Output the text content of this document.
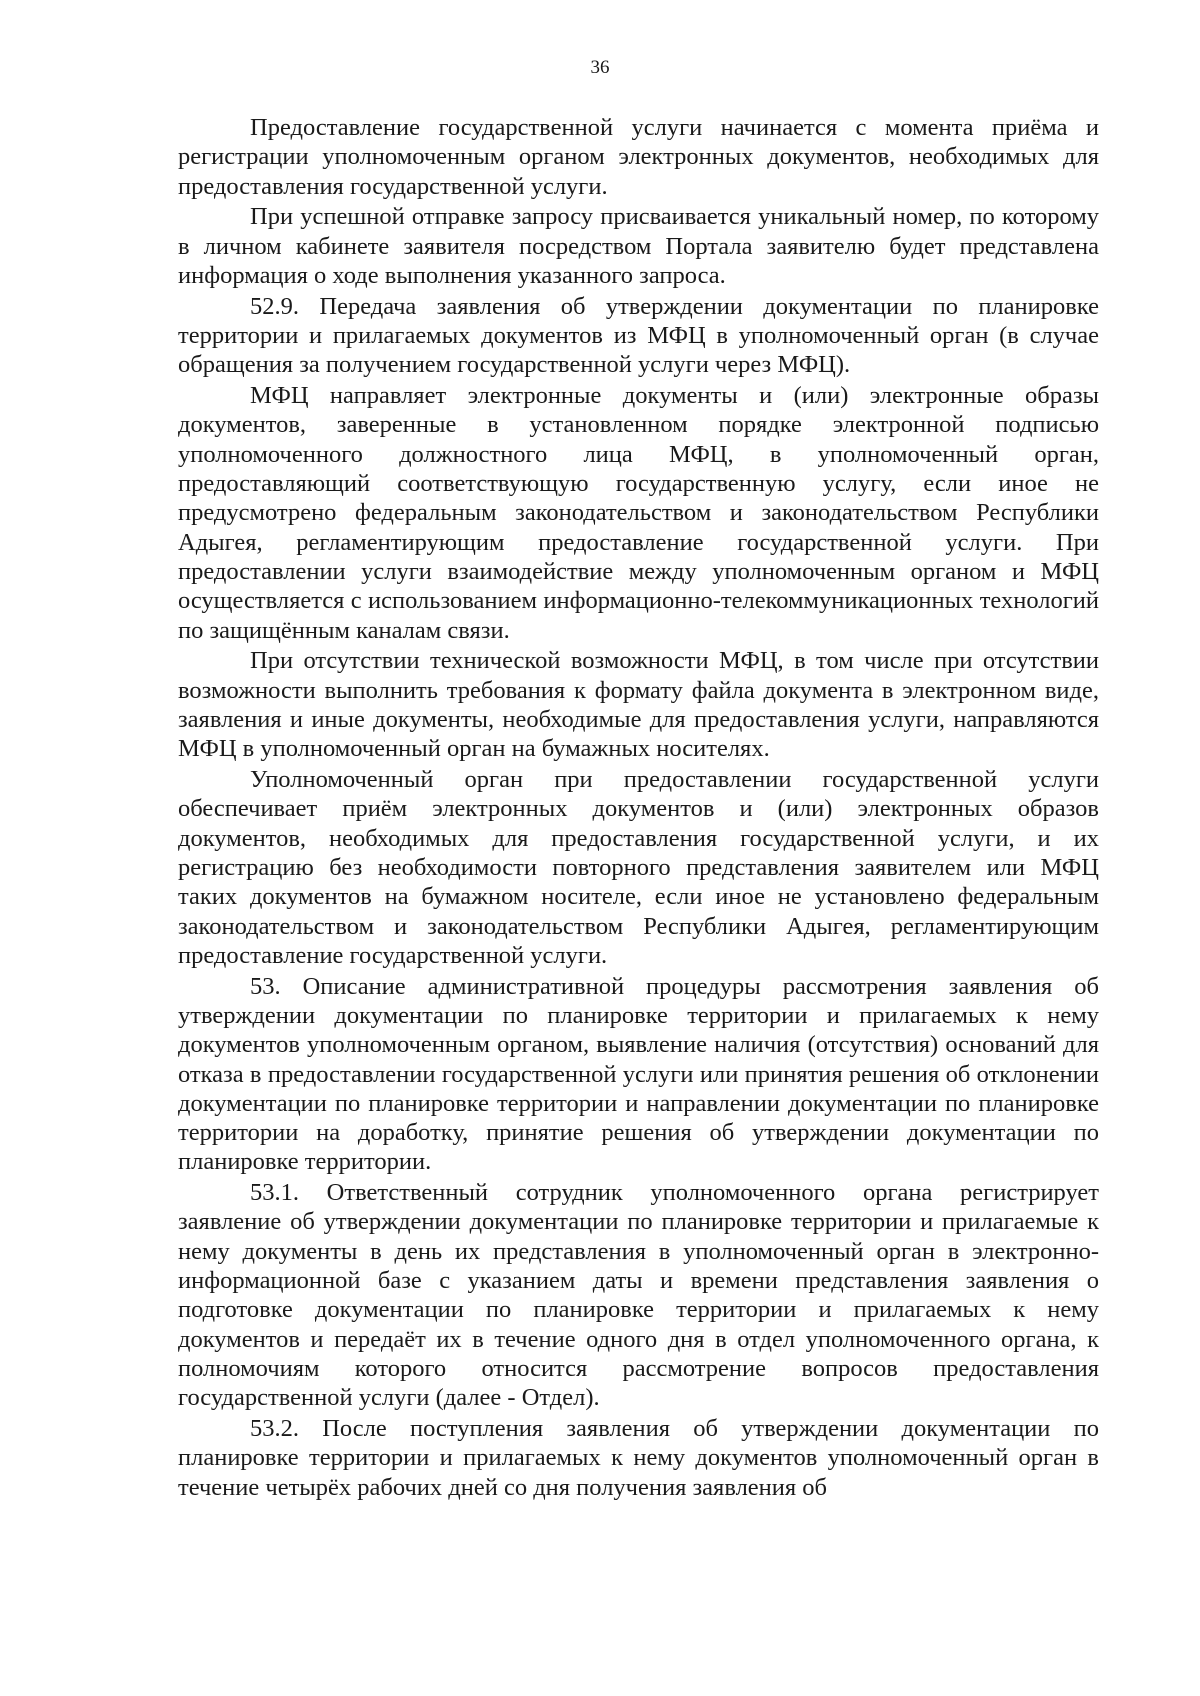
36

Предоставление государственной услуги начинается с момента приёма и регистрации уполномоченным органом электронных документов, необходимых для предоставления государственной услуги.

При успешной отправке запросу присваивается уникальный номер, по которому в личном кабинете заявителя посредством Портала заявителю будет представлена информация о ходе выполнения указанного запроса.

52.9. Передача заявления об утверждении документации по планировке территории и прилагаемых документов из МФЦ в уполномоченный орган (в случае обращения за получением государственной услуги через МФЦ).

МФЦ направляет электронные документы и (или) электронные образы документов, заверенные в установленном порядке электронной подписью уполномоченного должностного лица МФЦ, в уполномоченный орган, предоставляющий соответствующую государственную услугу, если иное не предусмотрено федеральным законодательством и законодательством Республики Адыгея, регламентирующим предоставление государственной услуги. При предоставлении услуги взаимодействие между уполномоченным органом и МФЦ осуществляется с использованием информационно-телекоммуникационных технологий по защищённым каналам связи.

При отсутствии технической возможности МФЦ, в том числе при отсутствии возможности выполнить требования к формату файла документа в электронном виде, заявления и иные документы, необходимые для предоставления услуги, направляются МФЦ в уполномоченный орган на бумажных носителях.

Уполномоченный орган при предоставлении государственной услуги обеспечивает приём электронных документов и (или) электронных образов документов, необходимых для предоставления государственной услуги, и их регистрацию без необходимости повторного представления заявителем или МФЦ таких документов на бумажном носителе, если иное не установлено федеральным законодательством и законодательством Республики Адыгея, регламентирующим предоставление государственной услуги.

53. Описание административной процедуры рассмотрения заявления об утверждении документации по планировке территории и прилагаемых к нему документов уполномоченным органом, выявление наличия (отсутствия) оснований для отказа в предоставлении государственной услуги или принятия решения об отклонении документации по планировке территории и направлении документации по планировке территории на доработку, принятие решения об утверждении документации по планировке территории.

53.1. Ответственный сотрудник уполномоченного органа регистрирует заявление об утверждении документации по планировке территории и прилагаемые к нему документы в день их представления в уполномоченный орган в электронно-информационной базе с указанием даты и времени представления заявления о подготовке документации по планировке территории и прилагаемых к нему документов и передаёт их в течение одного дня в отдел уполномоченного органа, к полномочиям которого относится рассмотрение вопросов предоставления государственной услуги (далее - Отдел).

53.2. После поступления заявления об утверждении документации по планировке территории и прилагаемых к нему документов уполномоченный орган в течение четырёх рабочих дней со дня получения заявления об
